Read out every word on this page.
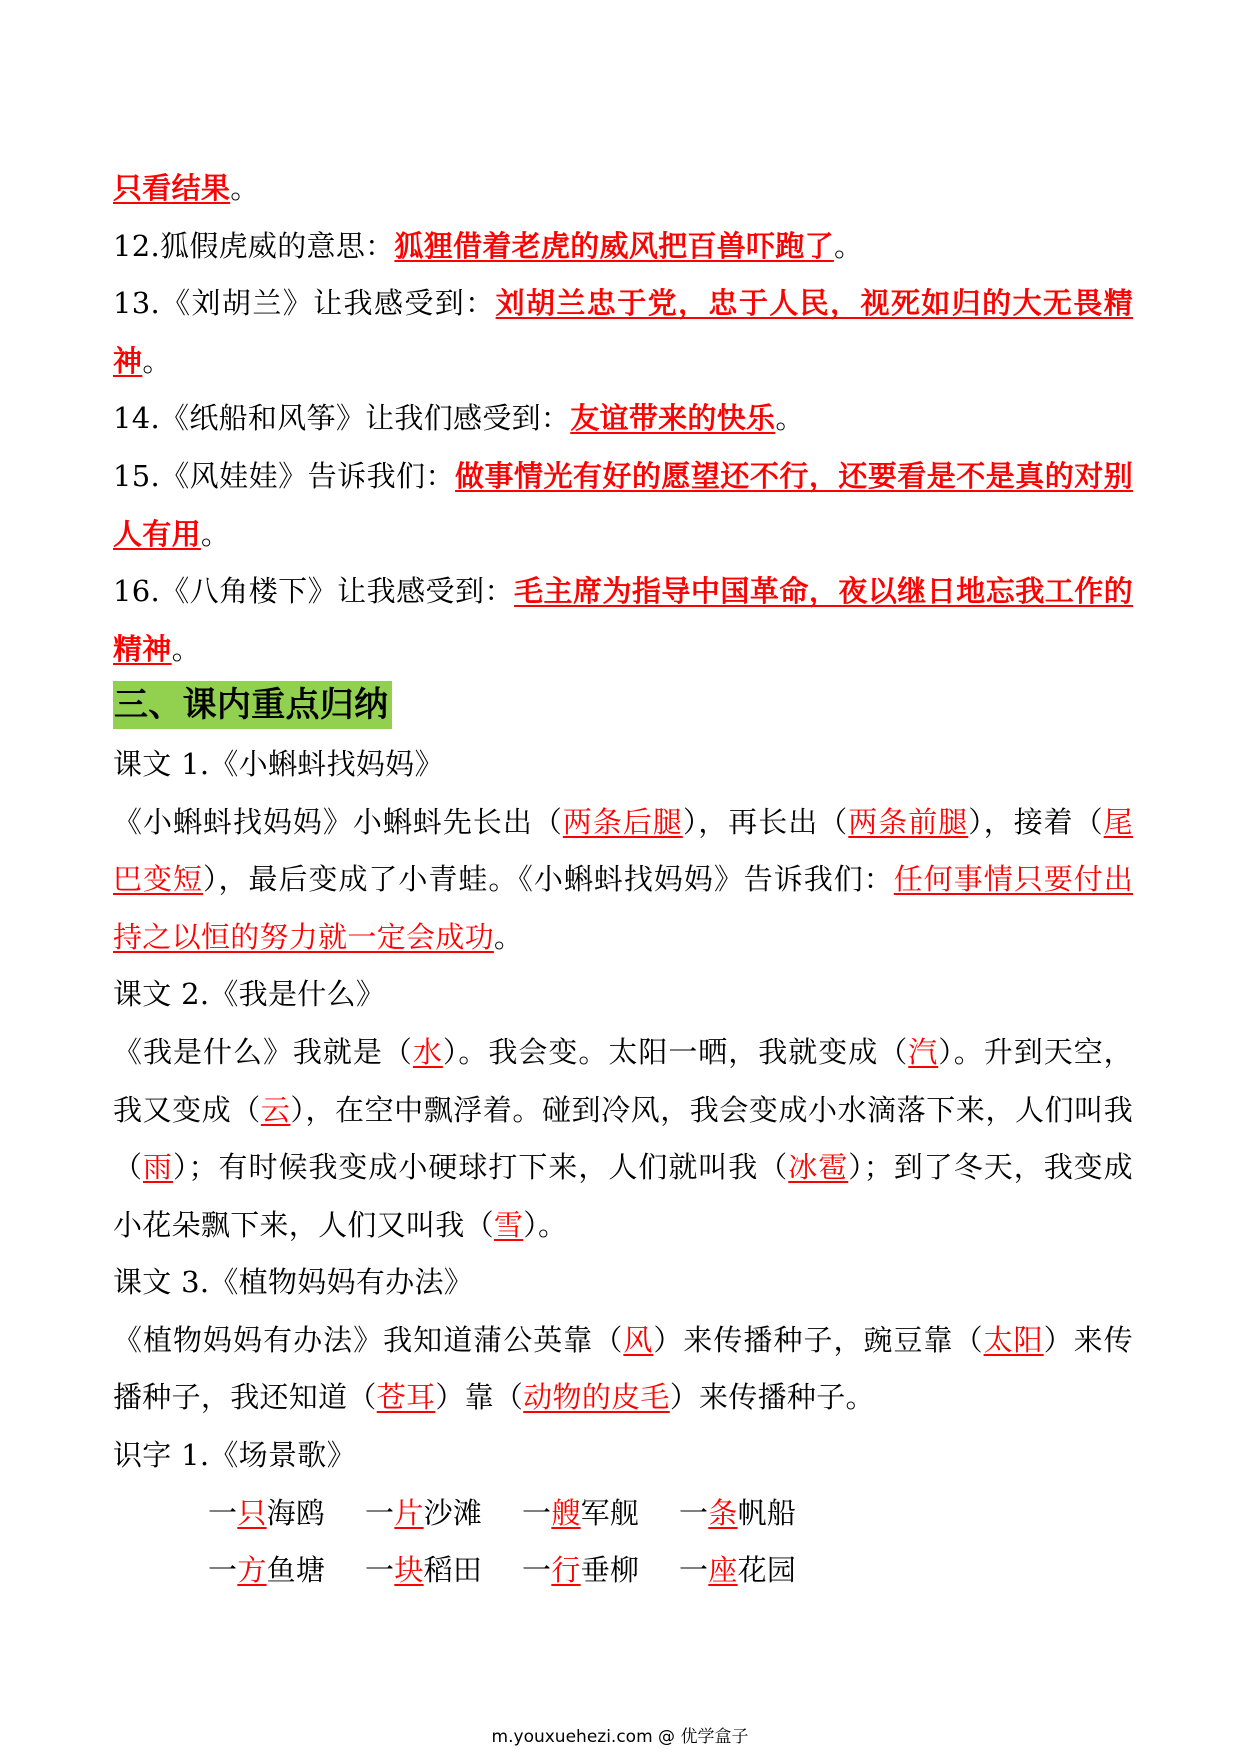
只看结果。

12.狐假虎威的意思：狐狸借着老虎的威风把百兽吓跑了。

13.《刘胡兰》让我感受到：刘胡兰忠于党，忠于人民，视死如归的大无畏精神。

14.《纸船和风筝》让我们感受到：友谊带来的快乐。

15.《风娃娃》告诉我们：做事情光有好的愿望还不行，还要看是不是真的对别人有用。

16.《八角楼下》让我感受到：毛主席为指导中国革命，夜以继日地忘我工作的精神。

三、课内重点归纳

课文 1.《小蝌蚪找妈妈》

《小蝌蚪找妈妈》小蝌蚪先长出（两条后腿），再长出（两条前腿），接着（尾巴变短），最后变成了小青蛙。《小蝌蚪找妈妈》告诉我们：任何事情只要付出持之以恒的努力就一定会成功。

课文 2.《我是什么》

《我是什么》我就是（水）。我会变。太阳一晒，我就变成（汽）。升到天空，我又变成（云），在空中飘浮着。碰到冷风，我会变成小水滴落下来，人们叫我（雨）；有时候我变成小硬球打下来，人们就叫我（冰雹）；到了冬天，我变成小花朵飘下来，人们又叫我（雪）。

课文 3.《植物妈妈有办法》

《植物妈妈有办法》我知道蒲公英靠（风）来传播种子，豌豆靠（太阳）来传播种子，我还知道（苍耳）靠（动物的皮毛）来传播种子。

识字 1.《场景歌》

一只海鸥	一片沙滩	一艘军舰	一条帆船
一方鱼塘	一块稻田	一行垂柳	一座花园
m.youxuehezi.com @ 优学盒子
